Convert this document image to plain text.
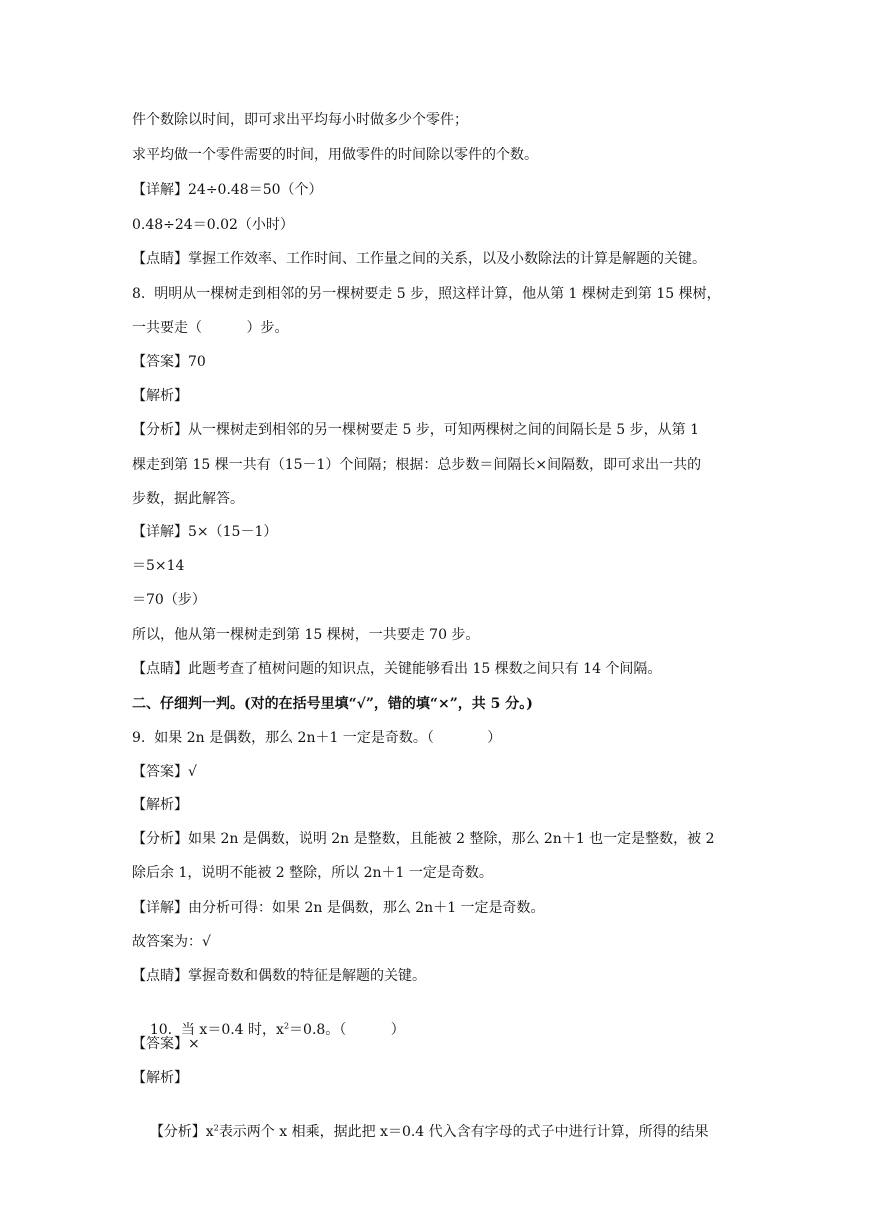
件个数除以时间，即可求出平均每小时做多少个零件；
求平均做一个零件需要的时间，用做零件的时间除以零件的个数。
【详解】24÷0.48＝50（个）
0.48÷24＝0.02（小时）
【点睛】掌握工作效率、工作时间、工作量之间的关系，以及小数除法的计算是解题的关键。
8.  明明从一棵树走到相邻的另一棵树要走 5 步，照这样计算，他从第 1 棵树走到第 15 棵树，
一共要走（          ）步。
【答案】70
【解析】
【分析】从一棵树走到相邻的另一棵树要走 5 步，可知两棵树之间的间隔长是 5 步，从第 1
棵走到第 15 棵一共有（15－1）个间隔；根据：总步数＝间隔长×间隔数，即可求出一共的
步数，据此解答。
【详解】5×（15－1）
＝5×14
＝70（步）
所以，他从第一棵树走到第 15 棵树，一共要走 70 步。
【点睛】此题考查了植树问题的知识点，关键能够看出 15 棵数之间只有 14 个间隔。
二、仔细判一判。(对的在括号里填“√”，错的填“×”，共 5 分。)
9.  如果 2n 是偶数，那么 2n＋1 一定是奇数。（            ）
【答案】√
【解析】
【分析】如果 2n 是偶数，说明 2n 是整数，且能被 2 整除，那么 2n＋1 也一定是整数，被 2
除后余 1，说明不能被 2 整除，所以 2n＋1 一定是奇数。
【详解】由分析可得：如果 2n 是偶数，那么 2n＋1 一定是奇数。
故答案为：√
【点睛】掌握奇数和偶数的特征是解题的关键。

10.  当 x＝0.4 时，$x^2=0.8$。（          ）

【答案】×
【解析】

【分析】$x^2$表示两个 x 相乘，据此把 x＝0.4 代入含有字母的式子中进行计算，所得的结果
